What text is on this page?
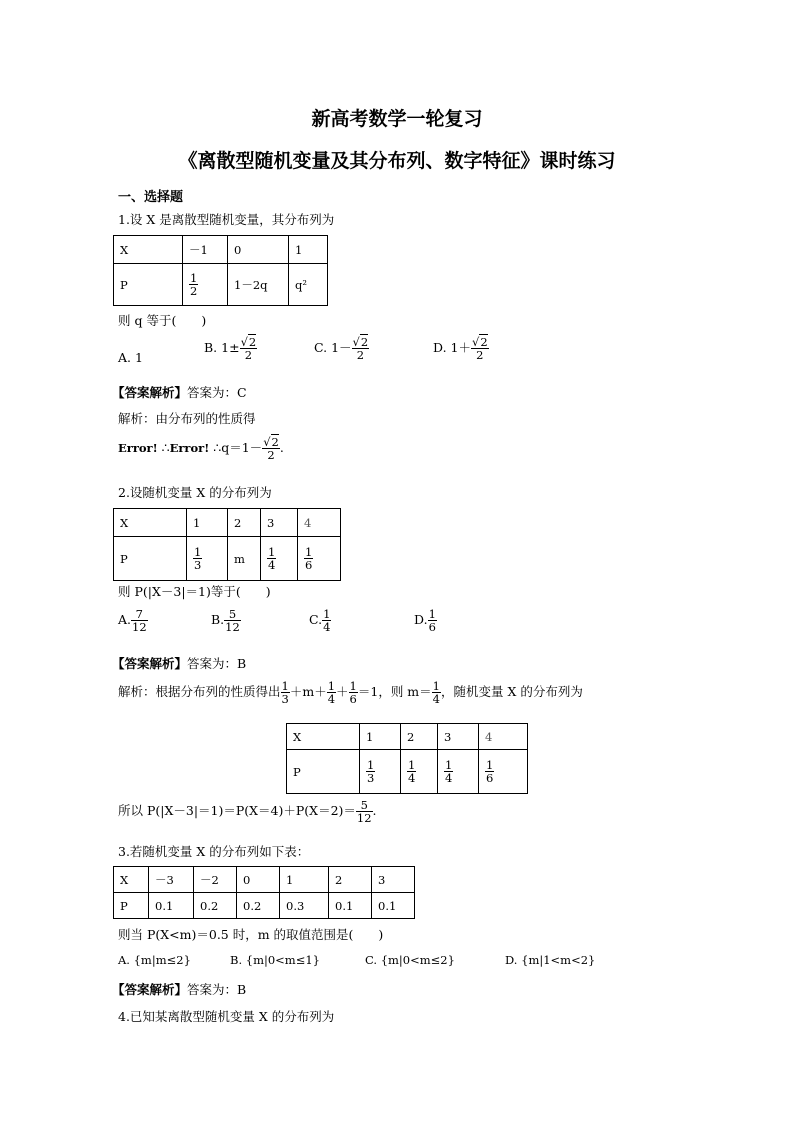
新高考数学一轮复习
《离散型随机变量及其分布列、数字特征》课时练习
一、选择题
1.设 X 是离散型随机变量，其分布列为
X	－1	0	1
P	$\frac{1}{2}$	1－2q	q²
则 q 等于(　　)
A. 1
B. $1\pm \frac{√2}{2}$	C. $1- \frac{√2}{2}$	D. $1+ \frac{√2}{2}$
【答案解析】答案为：C
解析：由分布列的性质得
Error! ∴Error! ∴q＝1－ $\frac{√2}{2}$ .
2.设随机变量 X 的分布列为
X	1	2	3	4
P	$\frac{1}{3}$	m	$\frac{1}{4}$	$\frac{1}{6}$
则 P(|X－3|＝1)等于(　　)
A. $\frac{7}{12}$	B. $\frac{5}{12}$	C. $\frac{1}{4}$	D. $\frac{1}{6}$
【答案解析】答案为：B
解析：根据分布列的性质得出 $\frac{1}{3} +m+ \frac{1}{4} + \frac{1}{6} =1$，则 $m= \frac{1}{4}$ ，随机变量 X 的分布列为
X	1	2	3	4
P	$\frac{1}{3}$	$\frac{1}{4}$	$\frac{1}{4}$	$\frac{1}{6}$
所以 $P(|X-3|=1)=P(X=4)+P(X=2)= \frac{5}{12}$ .
3.若随机变量 X 的分布列如下表：
X	－3	－2	0	1	2	3
P	0.1	0.2	0.2	0.3	0.1	0.1
则当 P(X<m)＝0.5 时，m 的取值范围是(　　)
A. {m|m≤2}	B. {m|0<m≤1}	C. {m|0<m≤2}	D. {m|1<m<2}
【答案解析】答案为：B
4.已知某离散型随机变量 X 的分布列为
